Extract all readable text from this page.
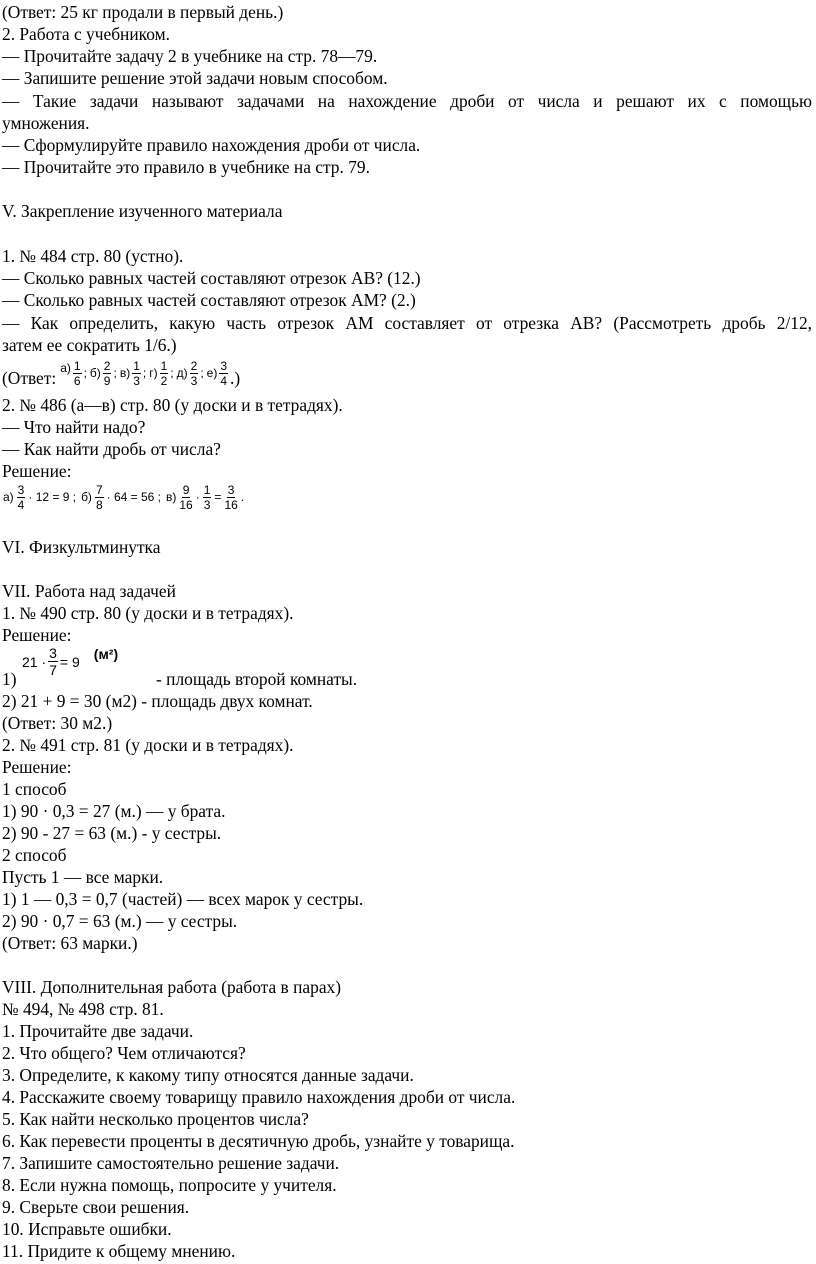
(Ответ: 25 кг продали в первый день.)
2. Работа с учебником.
— Прочитайте задачу 2 в учебнике на стр. 78—79.
— Запишите решение этой задачи новым способом.
— Такие задачи называют задачами на нахождение дроби от числа и решают их с помощью
умножения.
— Сформулируйте правило нахождения дроби от числа.
— Прочитайте это правило в учебнике на стр. 79.
V. Закрепление изученного материала
1. № 484 стр. 80 (устно).
— Сколько равных частей составляют отрезок АВ? (12.)
— Сколько равных частей составляют отрезок AM? (2.)
— Как определить, какую часть отрезок AM составляет от отрезка АВ? (Рассмотреть дробь 2/12,
затем ее сократить 1/6.)
(Ответ: а) 1
6
; б)
2
9
; в)
1
3
; г)
1
2
; д)
2
3
; е)
3
4 .)
2. № 486 (а—в) стр. 80 (у доски и в тетрадях).
— Что найти надо?
— Как найти дробь от числа?
Решение:
а)
3
4
· 12 = 9 ; б)
7
8
· 64 = 56 ; в)
9
16
· $\frac{1}{3} = \frac{3}{16}$ .
VI. Физкультминутка
VII. Работа над задачей
1. № 490 стр. 80 (у доски и в тетрадях).
Решение:
1)
$21 \cdot \frac{3}{7} = 9$ (м²)
- площадь второй комнаты.
2) 21 + 9 = 30 (м2) - площадь двух комнат.
(Ответ: 30 м2.)
2. № 491 стр. 81 (у доски и в тетрадях).
Решение:
1 способ
1) 90 · 0,3 = 27 (м.) — у брата.
2) 90 - 27 = 63 (м.) - у сестры.
2 способ
Пусть 1 — все марки.
1) 1 — 0,3 = 0,7 (частей) — всех марок у сестры.
2) 90 · 0,7 = 63 (м.) — у сестры.
(Ответ: 63 марки.)
VIII. Дополнительная работа (работа в парах)
№ 494, № 498 стр. 81.
1. Прочитайте две задачи.
2. Что общего? Чем отличаются?
3. Определите, к какому типу относятся данные задачи.
4. Расскажите своему товарищу правило нахождения дроби от числа.
5. Как найти несколько процентов числа?
6. Как перевести проценты в десятичную дробь, узнайте у товарища.
7. Запишите самостоятельно решение задачи.
8. Если нужна помощь, попросите у учителя.
9. Сверьте свои решения.
10. Исправьте ошибки.
11. Придите к общему мнению.
